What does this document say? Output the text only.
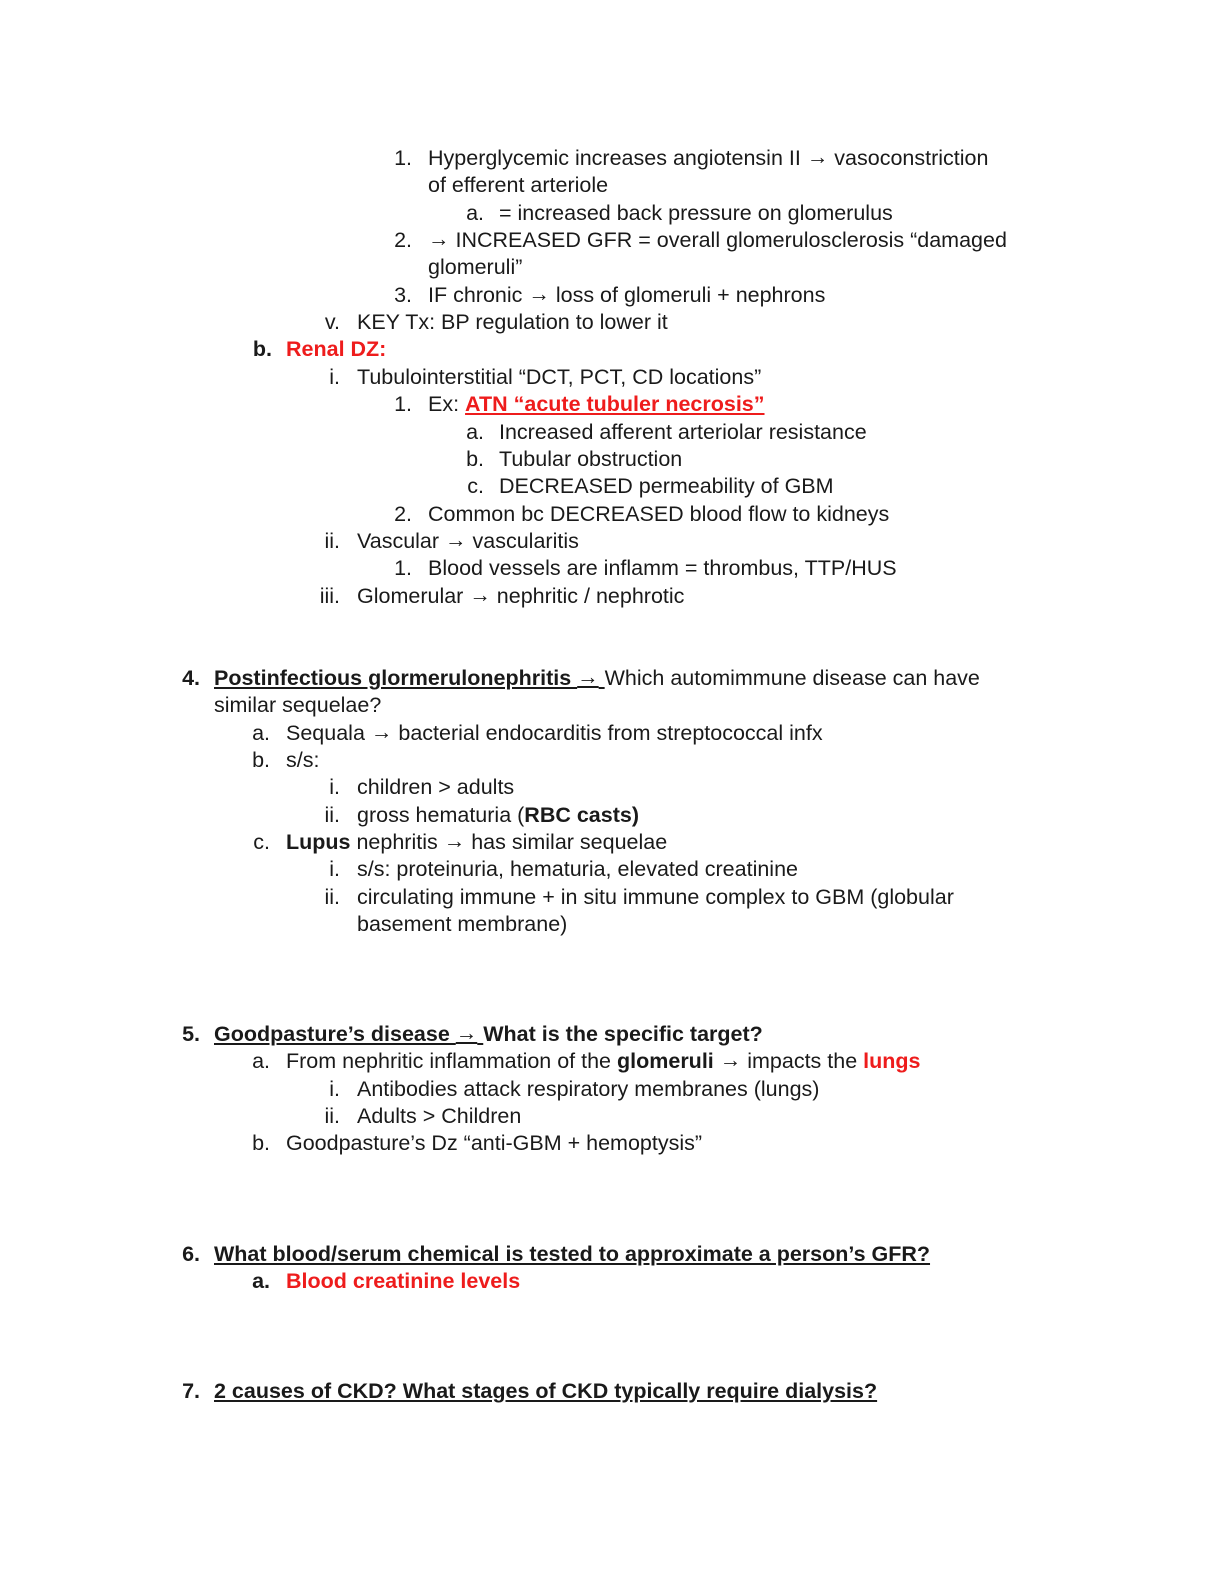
1. Hyperglycemic increases angiotensin II → vasoconstriction
of efferent arteriole
a. = increased back pressure on glomerulus
2. → INCREASED GFR = overall glomerulosclerosis “damaged
glomeruli”
3. IF chronic → loss of glomeruli + nephrons
v. KEY Tx: BP regulation to lower it
b. Renal DZ:
i. Tubulointerstitial “DCT, PCT, CD locations”
1. Ex: ATN “acute tubuler necrosis”
a. Increased afferent arteriolar resistance
b. Tubular obstruction
c. DECREASED permeability of GBM
2. Common bc DECREASED blood flow to kidneys
ii. Vascular → vascularitis
1. Blood vessels are inflamm = thrombus, TTP/HUS
iii. Glomerular → nephritic / nephrotic
4. Postinfectious glormerulonephritis → Which automimmune disease can have
similar sequelae?
a. Sequala → bacterial endocarditis from streptococcal infx
b. s/s:
i. children > adults
ii. gross hematuria (RBC casts)
c. Lupus nephritis → has similar sequelae
i. s/s: proteinuria, hematuria, elevated creatinine
ii. circulating immune + in situ immune complex to GBM (globular
basement membrane)
5. Goodpasture’s disease → What is the specific target?
a. From nephritic inflammation of the glomeruli → impacts the lungs
i. Antibodies attack respiratory membranes (lungs)
ii. Adults > Children
b. Goodpasture’s Dz “anti-GBM + hemoptysis”
6. What blood/serum chemical is tested to approximate a person’s GFR?
a. Blood creatinine levels
7. 2 causes of CKD? What stages of CKD typically require dialysis?
